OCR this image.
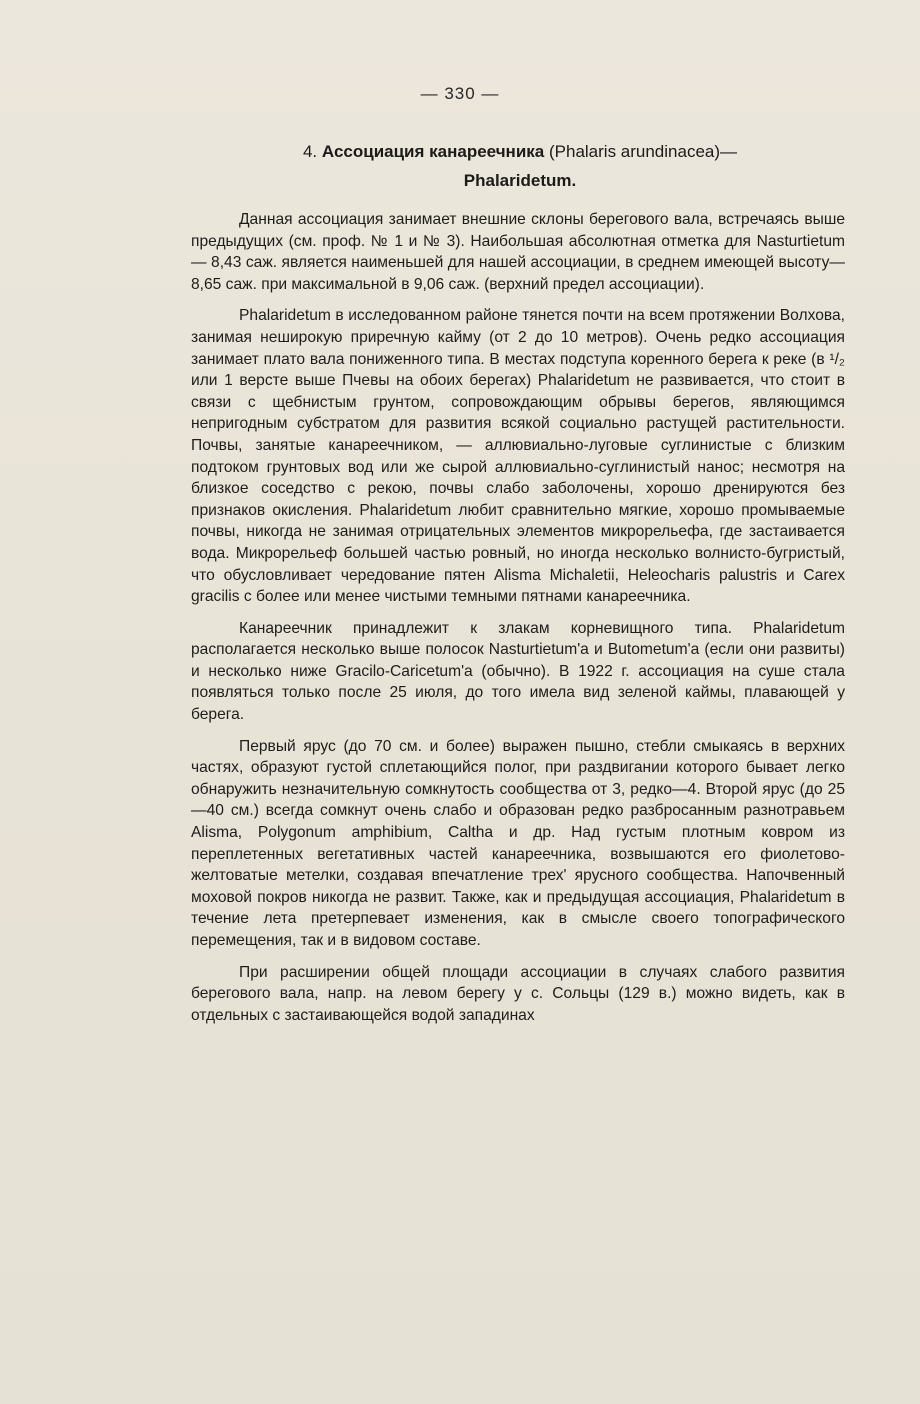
— 330 —
4. Ассоциация канареечника (Phalaris arundinacea)—
Phalaridetum.

Данная ассоциация занимает внешние склоны берегового вала, встречаясь выше предыдущих (см. проф. № 1 и № 3). Наибольшая абсолютная отметка для Nasturtietum — 8,43 саж. является наименьшей для нашей ассоциации, в среднем имеющей высоту—8,65 саж. при максимальной в 9,06 саж. (верхний предел ассоциации).

Phalaridetum в исследованном районе тянется почти на всем протяжении Волхова, занимая неширокую приречную кайму (от 2 до 10 метров). Очень редко ассоциация занимает плато вала пониженного типа. В местах подступа коренного берега к реке (в ¹/₂ или 1 версте выше Пчевы на обоих берегах) Phalaridetum не развивается, что стоит в связи с щебнистым грунтом, сопровождающим обрывы берегов, являющимся непригодным субстратом для развития всякой социально растущей растительности. Почвы, занятые канареечником, — аллювиально-луговые суглинистые с близким подтоком грунтовых вод или же сырой аллювиально-суглинистый нанос; несмотря на близкое соседство с рекою, почвы слабо заболочены, хорошо дренируются без признаков окисления. Phalaridetum любит сравнительно мягкие, хорошо промываемые почвы, никогда не занимая отрицательных элементов микрорельефа, где застаивается вода. Микрорельеф большей частью ровный, но иногда несколько волнисто-бугристый, что обусловливает чередование пятен Alisma Michaletii, Heleocharis palustris и Carex gracilis с более или менее чистыми темными пятнами канареечника.

Канареечник принадлежит к злакам корневищного типа. Phalaridetum располагается несколько выше полосок Nasturtietum'a и Butometum'a (если они развиты) и несколько ниже Gracilo-Caricetum'a (обычно). В 1922 г. ассоциация на суше стала появляться только после 25 июля, до того имела вид зеленой каймы, плавающей у берега.

Первый ярус (до 70 см. и более) выражен пышно, стебли смыкаясь в верхних частях, образуют густой сплетающийся полог, при раздвигании которого бывает легко обнаружить незначительную сомкнутость сообщества от 3, редко—4. Второй ярус (до 25—40 см.) всегда сомкнут очень слабо и образован редко разбросанным разнотравьем Alisma, Polygonum amphibium, Caltha и др. Над густым плотным ковром из переплетенных вегетативных частей канареечника, возвышаются его фиолетово-желтоватые метелки, создавая впечатление трех' ярусного сообщества. Напочвенный моховой покров никогда не развит. Также, как и предыдущая ассоциация, Phalaridetum в течение лета претерпевает изменения, как в смысле своего топографического перемещения, так и в видовом составе.

При расширении общей площади ассоциации в случаях слабого развития берегового вала, напр. на левом берегу у с. Сольцы (129 в.) можно видеть, как в отдельных с застаивающейся водой западинах
